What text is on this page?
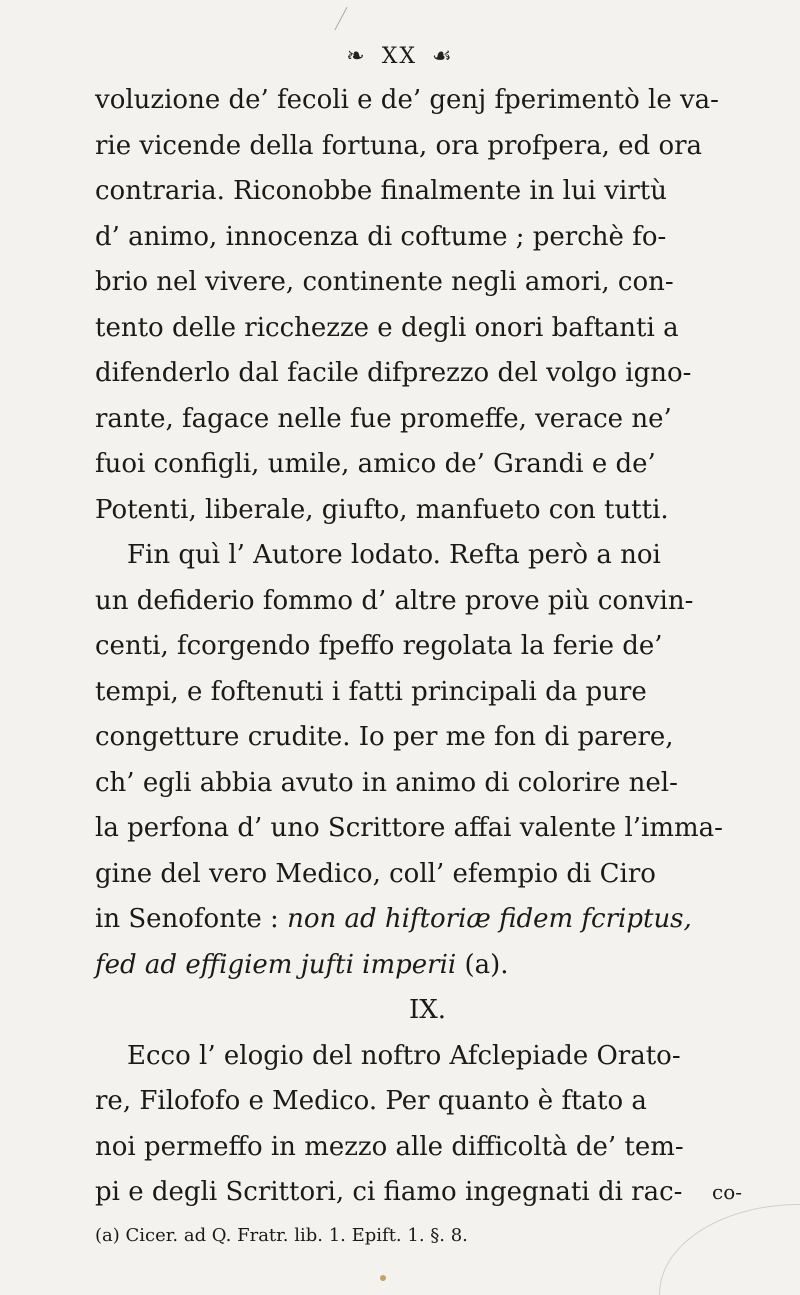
❧ XX ☙
voluzione de’ fecoli e de’ genj fperimentò le va-
rie vicende della fortuna, ora profpera, ed ora
contraria. Riconobbe finalmente in lui virtù
d’ animo, innocenza di coftume ; perchè fo-
brio nel vivere, continente negli amori, con-
tento delle ricchezze e degli onori baftanti a
difenderlo dal facile difprezzo del volgo igno-
rante, fagace nelle fue promeffe, verace ne’
fuoi configli, umile, amico de’ Grandi e de’
Potenti, liberale, giufto, manfueto con tutti.
Fin quì l’ Autore lodato. Refta però a noi
un defiderio fommo d’ altre prove più convin-
centi, fcorgendo fpeffo regolata la ferie de’
tempi, e foftenuti i fatti principali da pure
congetture crudite. Io per me fon di parere,
ch’ egli abbia avuto in animo di colorire nel-
la perfona d’ uno Scrittore affai valente l’imma-
gine del vero Medico, coll’ efempio di Ciro
in Senofonte :
non ad hiftoriæ fidem fcriptus,
fed ad effigiem jufti imperii
(a).
IX.
Ecco l’ elogio del noftro Afclepiade Orato-
re, Filofofo e Medico. Per quanto è ftato a
noi permeffo in mezzo alle difficoltà de’ tem-
pi e degli Scrittori, ci fiamo ingegnati di rac-	co-
(a) Cicer. ad Q. Fratr. lib. 1. Epift. 1. §. 8.
